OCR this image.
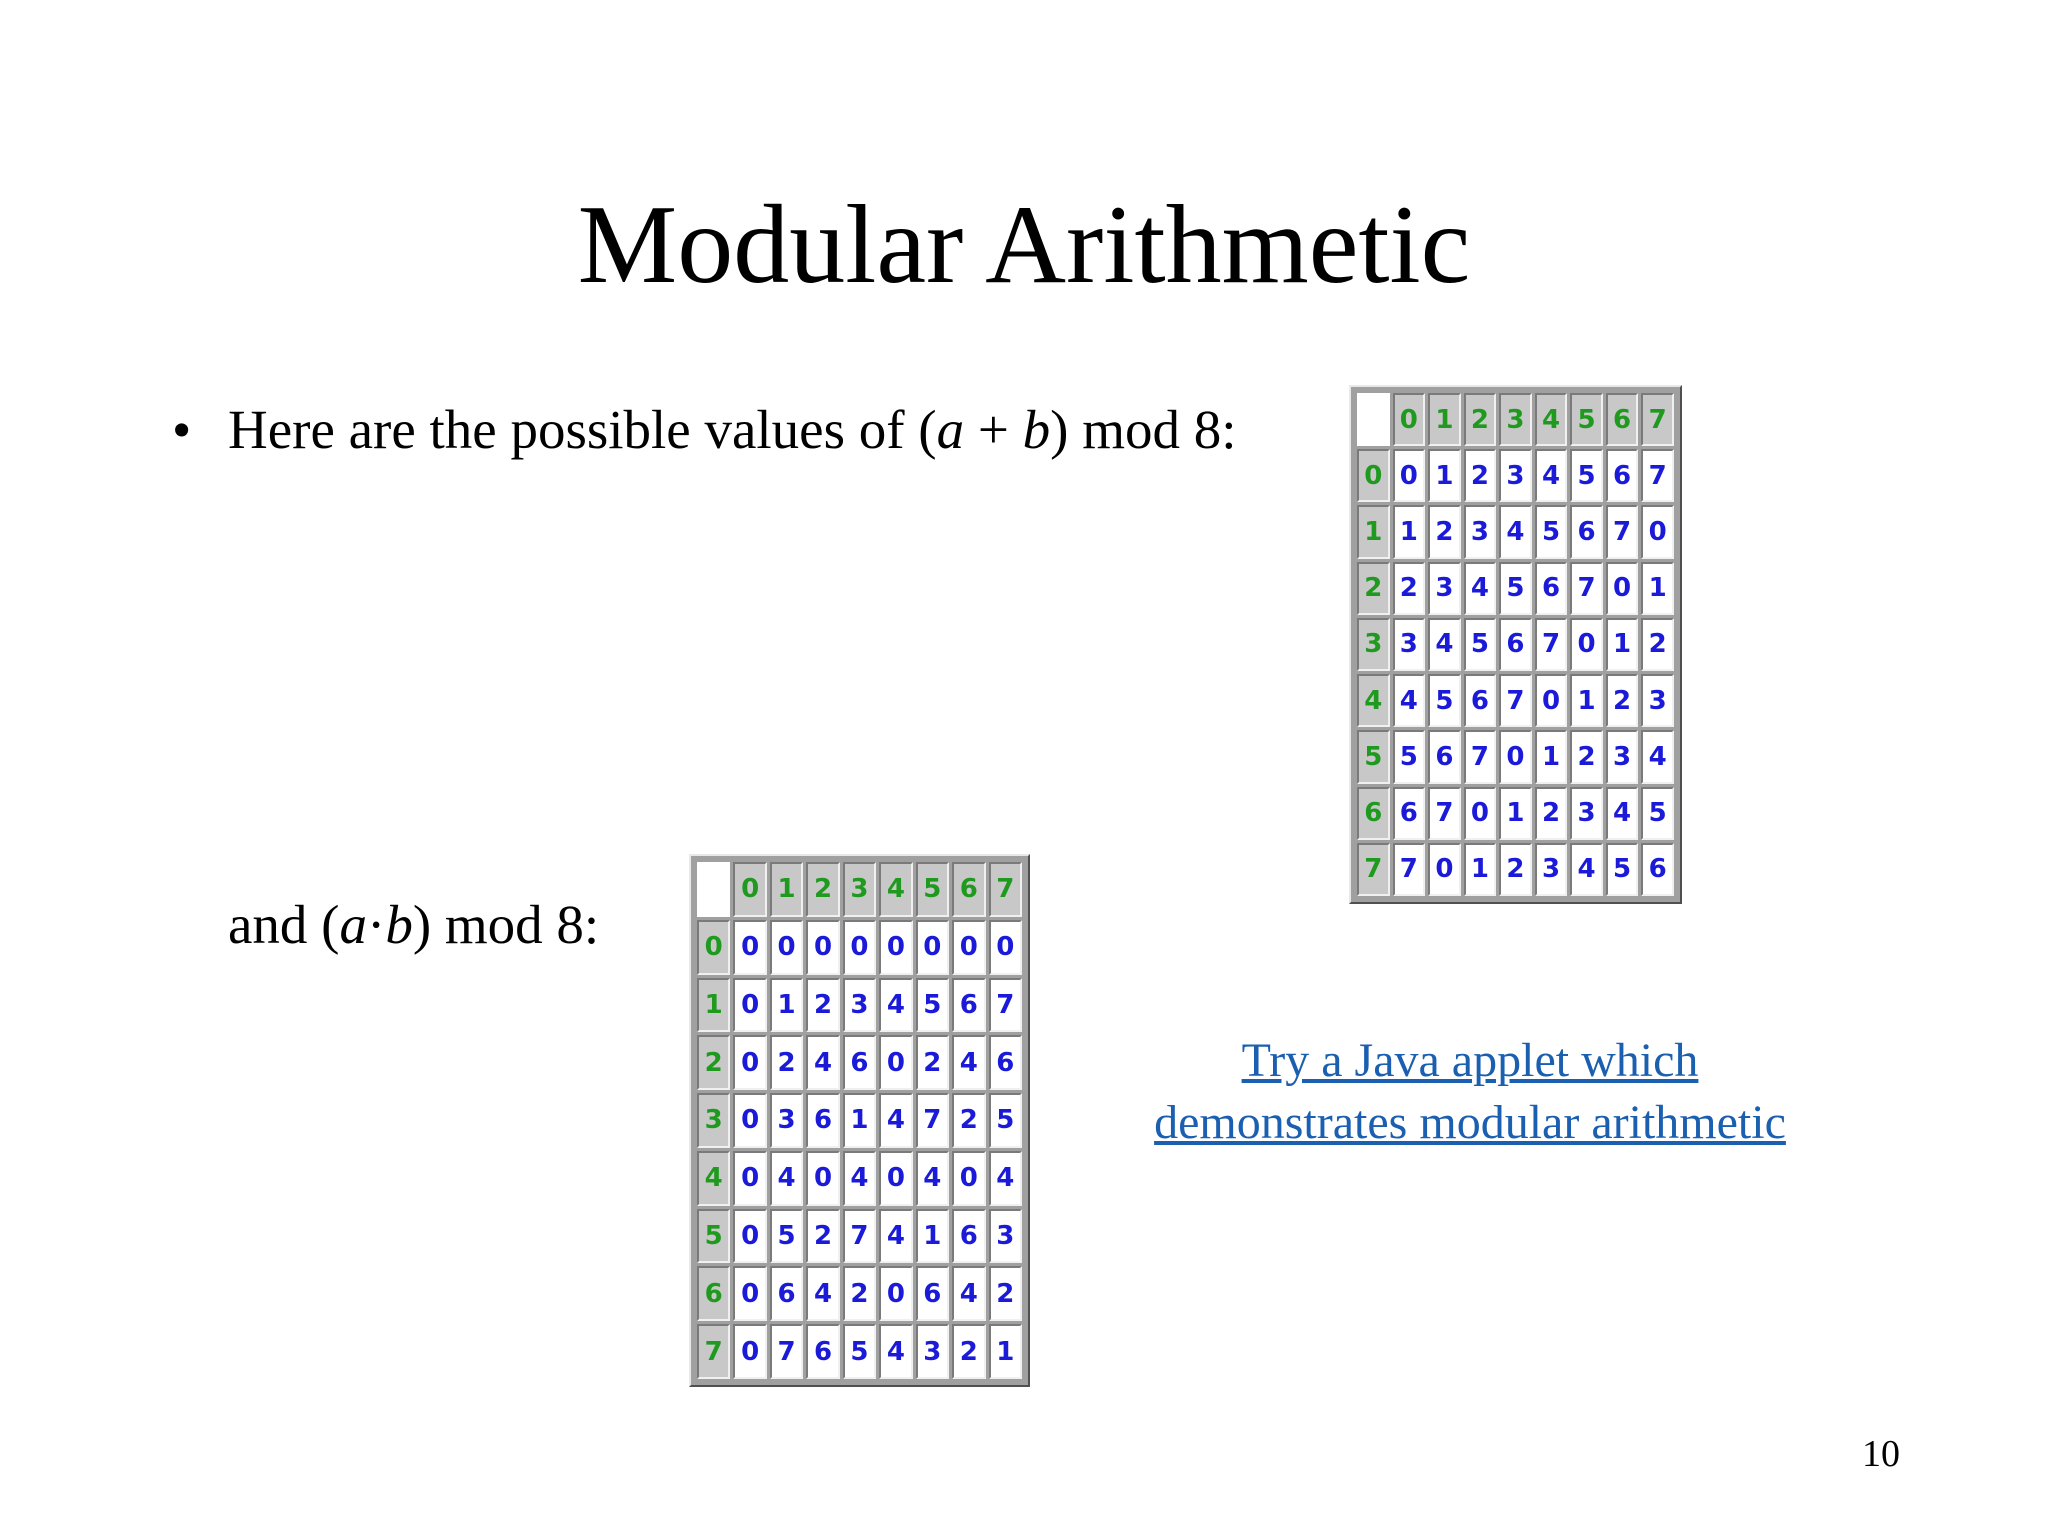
Modular Arithmetic
• Here are the possible values of (a + b) mod 8:
and (a·b) mod 8:
	0	1	2	3	4	5	6	7
0	0	1	2	3	4	5	6	7
1	1	2	3	4	5	6	7	0
2	2	3	4	5	6	7	0	1
3	3	4	5	6	7	0	1	2
4	4	5	6	7	0	1	2	3
5	5	6	7	0	1	2	3	4
6	6	7	0	1	2	3	4	5
7	7	0	1	2	3	4	5	6
	0	1	2	3	4	5	6	7
0	0	0	0	0	0	0	0	0
1	0	1	2	3	4	5	6	7
2	0	2	4	6	0	2	4	6
3	0	3	6	1	4	7	2	5
4	0	4	0	4	0	4	0	4
5	0	5	2	7	4	1	6	3
6	0	6	4	2	0	6	4	2
7	0	7	6	5	4	3	2	1
Try a Java applet which
demonstrates modular arithmetic
10
